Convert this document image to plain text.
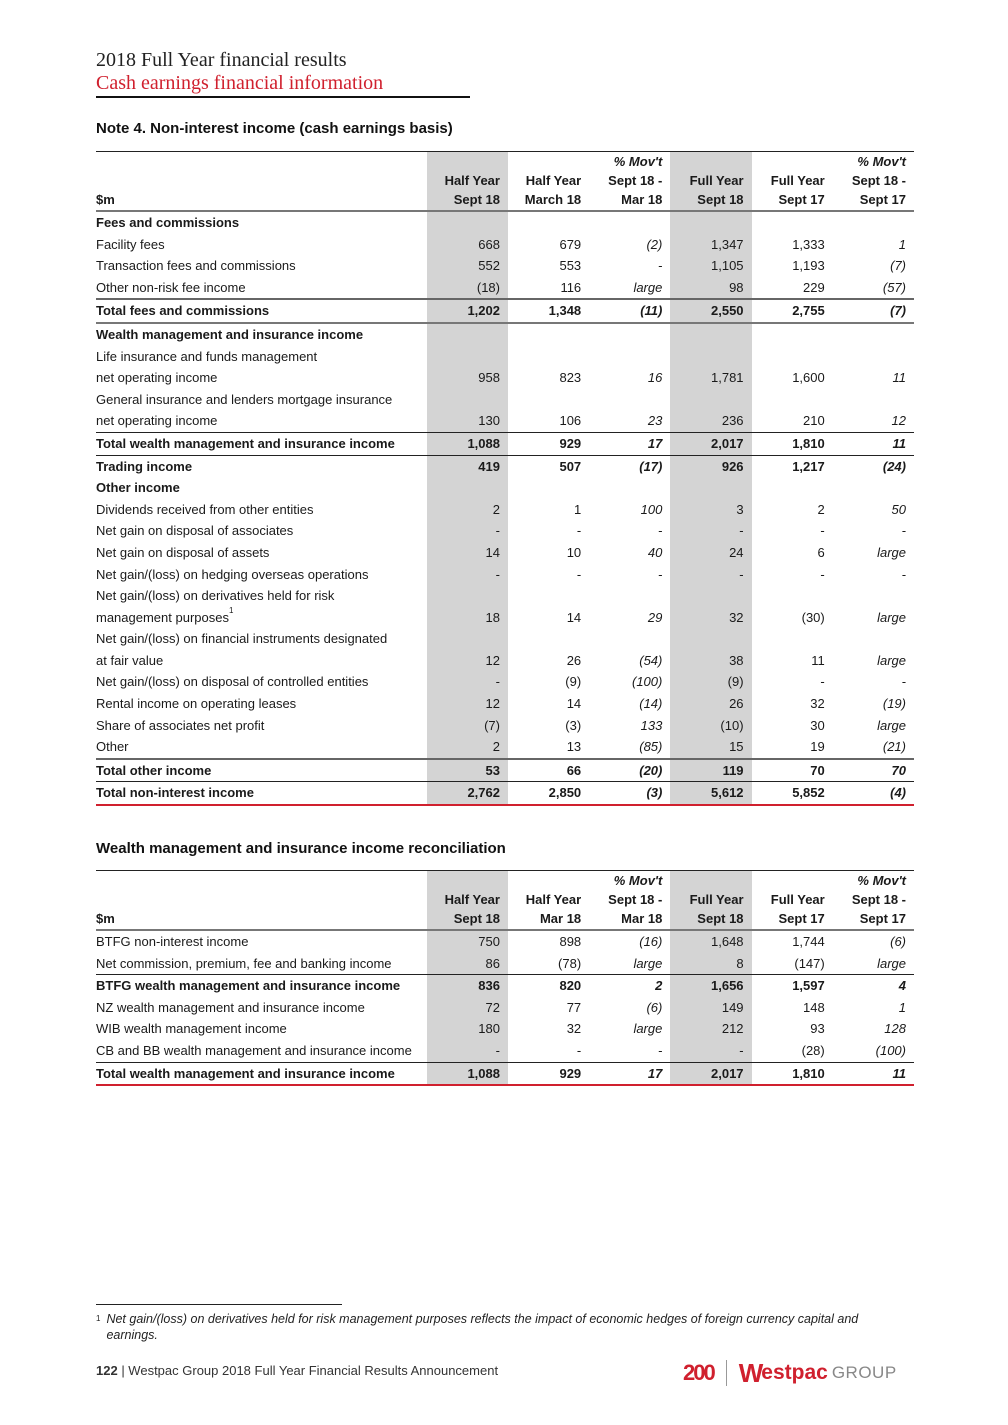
2018 Full Year financial results
Cash earnings financial information
Note 4. Non-interest income (cash earnings basis)
			% Mov't			% Mov't
	Half Year	Half Year	Sept 18 -	Full Year	Full Year	Sept 18 -
$m	Sept 18	March 18	Mar 18	Sept 18	Sept 17	Sept 17
Fees and commissions						
Facility fees	668	679	(2)	1,347	1,333	1
Transaction fees and commissions	552	553	-	1,105	1,193	(7)
Other non-risk fee income	(18)	116	large	98	229	(57)
Total fees and commissions	1,202	1,348	(11)	2,550	2,755	(7)
Wealth management and insurance income						
Life insurance and funds management						
net operating income	958	823	16	1,781	1,600	11
General insurance and lenders mortgage insurance						
net operating income	130	106	23	236	210	12
Total wealth management and insurance income	1,088	929	17	2,017	1,810	11
Trading income	419	507	(17)	926	1,217	(24)
Other income						
Dividends received from other entities	2	1	100	3	2	50
Net gain on disposal of associates	-	-	-	-	-	-
Net gain on disposal of assets	14	10	40	24	6	large
Net gain/(loss) on hedging overseas operations	-	-	-	-	-	-
Net gain/(loss) on derivatives held for risk						
management purposes$^1$	18	14	29	32	(30)	large
Net gain/(loss) on financial instruments designated						
at fair value	12	26	(54)	38	11	large
Net gain/(loss) on disposal of controlled entities	-	(9)	(100)	(9)	-	-
Rental income on operating leases	12	14	(14)	26	32	(19)
Share of associates net profit	(7)	(3)	133	(10)	30	large
Other	2	13	(85)	15	19	(21)
Total other income	53	66	(20)	119	70	70
Total non-interest income	2,762	2,850	(3)	5,612	5,852	(4)
Wealth management and insurance income reconciliation
			% Mov't			% Mov't
	Half Year	Half Year	Sept 18 -	Full Year	Full Year	Sept 18 -
$m	Sept 18	Mar 18	Mar 18	Sept 18	Sept 17	Sept 17
BTFG non-interest income	750	898	(16)	1,648	1,744	(6)
Net commission, premium, fee and banking income	86	(78)	large	8	(147)	large
BTFG wealth management and insurance income	836	820	2	1,656	1,597	4
NZ wealth management and insurance income	72	77	(6)	149	148	1
WIB wealth management income	180	32	large	212	93	128
CB and BB wealth management and insurance income	-	-	-	-	(28)	(100)
Total wealth management and insurance income	1,088	929	17	2,017	1,810	11
$^1$ Net gain/(loss) on derivatives held for risk management purposes reflects the impact of economic hedges of foreign currency capital and earnings.
122 | Westpac Group 2018 Full Year Financial Results Announcement	200 W estpac GROUP
